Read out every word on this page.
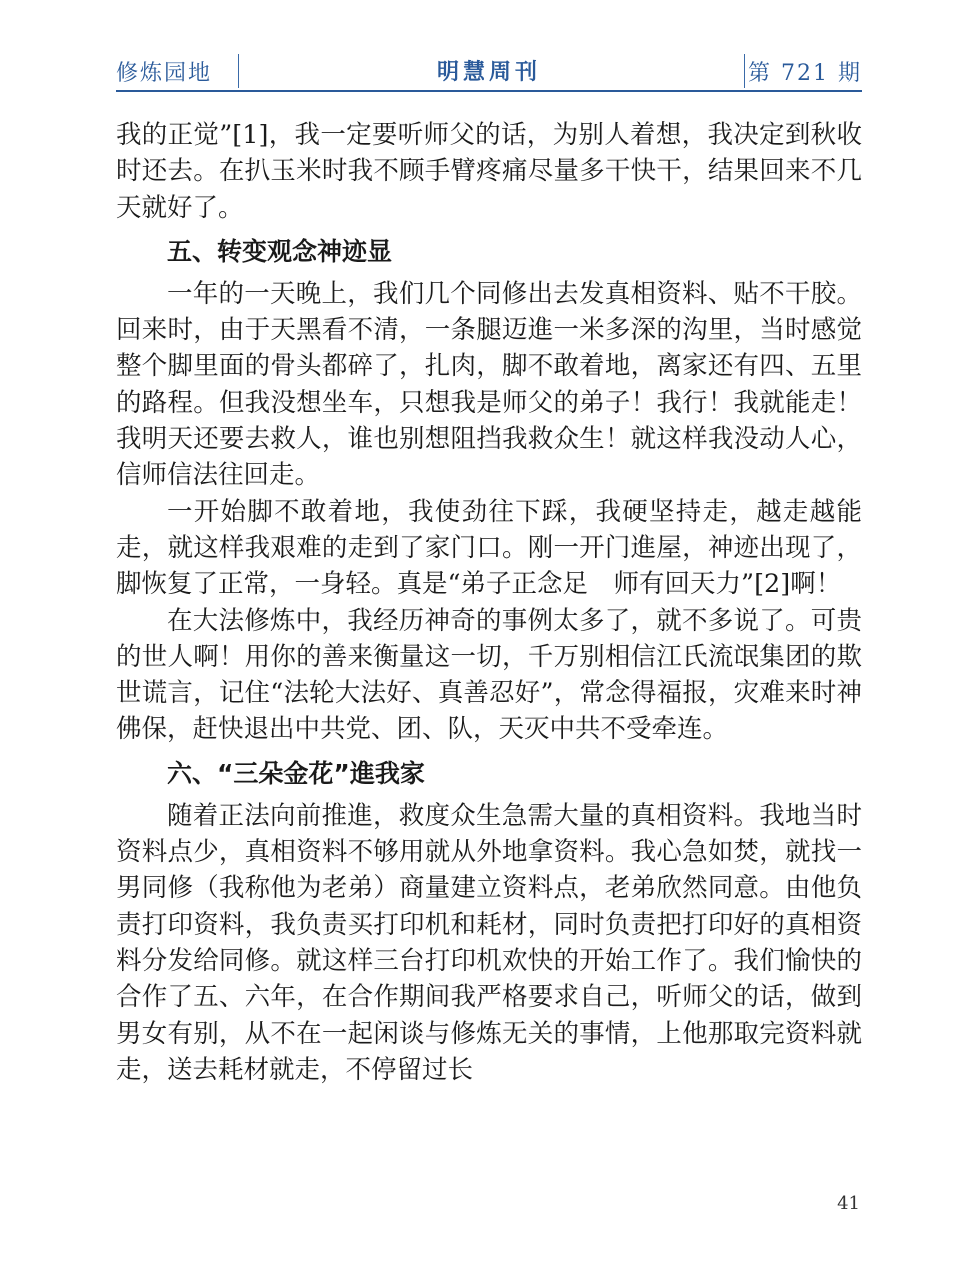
修炼园地	明慧周刊	第 721 期

我的正觉”[1]，我一定要听师父的话，为别人着想，我决定到秋收时还去。在扒玉米时我不顾手臂疼痛尽量多干快干，结果回来不几天就好了。

五、转变观念神迹显

一年的一天晚上，我们几个同修出去发真相资料、贴不干胶。回来时，由于天黑看不清，一条腿迈進一米多深的沟里，当时感觉整个脚里面的骨头都碎了，扎肉，脚不敢着地，离家还有四、五里的路程。但我没想坐车，只想我是师父的弟子！我行！我就能走！我明天还要去救人，谁也别想阻挡我救众生！就这样我没动人心，信师信法往回走。

一开始脚不敢着地，我使劲往下踩，我硬坚持走，越走越能走，就这样我艰难的走到了家门口。刚一开门進屋，神迹出现了，脚恢复了正常，一身轻。真是“弟子正念足　师有回天力”[2]啊！

在大法修炼中，我经历神奇的事例太多了，就不多说了。可贵的世人啊！用你的善来衡量这一切，千万别相信江氏流氓集团的欺世谎言，记住“法轮大法好、真善忍好”，常念得福报，灾难来时神佛保，赶快退出中共党、团、队，天灭中共不受牵连。

六、“三朵金花”進我家

随着正法向前推進，救度众生急需大量的真相资料。我地当时资料点少，真相资料不够用就从外地拿资料。我心急如焚，就找一男同修（我称他为老弟）商量建立资料点，老弟欣然同意。由他负责打印资料，我负责买打印机和耗材，同时负责把打印好的真相资料分发给同修。就这样三台打印机欢快的开始工作了。我们愉快的合作了五、六年，在合作期间我严格要求自己，听师父的话，做到男女有别，从不在一起闲谈与修炼无关的事情，上他那取完资料就走，送去耗材就走，不停留过长

41
